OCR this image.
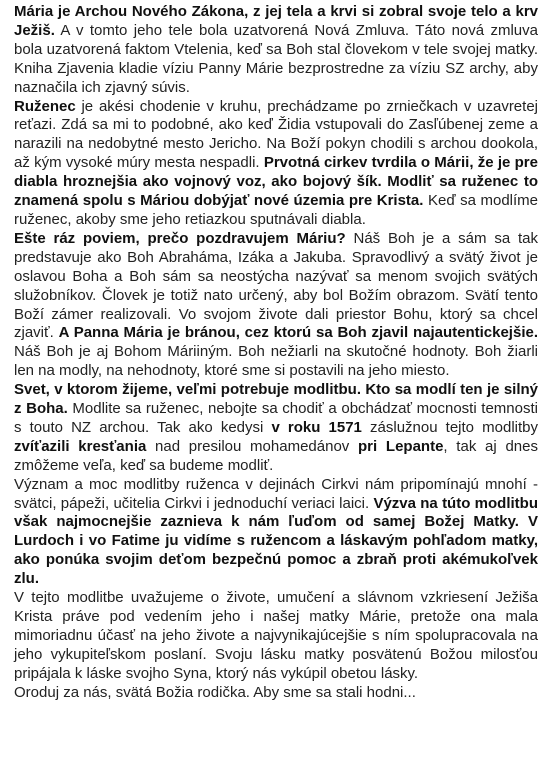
Mária je Archou Nového Zákona, z jej tela a krvi si zobral svoje telo a krv Ježiš. A v tomto jeho tele bola uzatvorená Nová Zmluva. Táto nová zmluva bola uzatvorená faktom Vtelenia, keď sa Boh stal človekom v tele svojej matky. Kniha Zjavenia kladie víziu Panny Márie bezprostredne za víziu SZ archy, aby naznačila ich zjavný súvis.

Ruženec je akési chodenie v kruhu, prechádzame po zrniečkach v uzavretej reťazi. Zdá sa mi to podobné, ako keď Židia vstupovali do Zasľúbenej zeme a narazili na nedobytné mesto Jericho. Na Boží pokyn chodili s archou dookola, až kým vysoké múry mesta nespadli. Prvotná cirkev tvrdila o Márii, že je pre diabla hroznejšia ako vojnový voz, ako bojový šík. Modliť sa ruženec to znamená spolu s Máriou dobýjať nové územia pre Krista. Keď sa modlíme ruženec, akoby sme jeho retiazkou sputnávali diabla.

Ešte ráz poviem, prečo pozdravujem Máriu? Náš Boh je a sám sa tak predstavuje ako Boh Abraháma, Izáka a Jakuba. Spravodlivý a svätý život je oslavou Boha a Boh sám sa neostýcha nazývať sa menom svojich svätých služobníkov. Človek je totiž nato určený, aby bol Božím obrazom. Svätí tento Boží zámer realizovali. Vo svojom živote dali priestor Bohu, ktorý sa chcel zjaviť. A Panna Mária je bránou, cez ktorú sa Boh zjavil najautentickejšie. Náš Boh je aj Bohom Máriiným. Boh nežiarli na skutočné hodnoty. Boh žiarli len na modly, na nehodnoty, ktoré sme si postavili na jeho miesto.

Svet, v ktorom žijeme, veľmi potrebuje modlitbu. Kto sa modlí ten je silný z Boha. Modlite sa ruženec, nebojte sa chodiť a obchádzať mocnosti temnosti s touto NZ archou. Tak ako kedysi v roku 1571 záslužnou tejto modlitby zvíťazili kresťania nad presilou mohamedánov pri Lepante, tak aj dnes zmôžeme veľa, keď sa budeme modliť.

Význam a moc modlitby ruženca v dejinách Cirkvi nám pripomínajú mnohí - svätci, pápeži, učitelia Cirkvi i jednoduchí veriaci laici. Výzva na túto modlitbu však najmocnejšie zaznieva k nám ľuďom od samej Božej Matky. V Lurdoch i vo Fatime ju vidíme s ružencom a láskavým pohľadom matky, ako ponúka svojim deťom bezpečnú pomoc a zbraň proti akémukoľvek zlu.

V tejto modlitbe uvažujeme o živote, umučení a slávnom vzkriesení Ježiša Krista práve pod vedením jeho i našej matky Márie, pretože ona mala mimoriadnu účasť na jeho živote a najvynikajúcejšie s ním spolupracovala na jeho vykupiteľskom poslaní. Svoju lásku matky posvätenú Božou milosťou pripájala k láske svojho Syna, ktorý nás vykúpil obetou lásky.

Oroduj za nás, svätá Božia rodička. Aby sme sa stali hodni...
